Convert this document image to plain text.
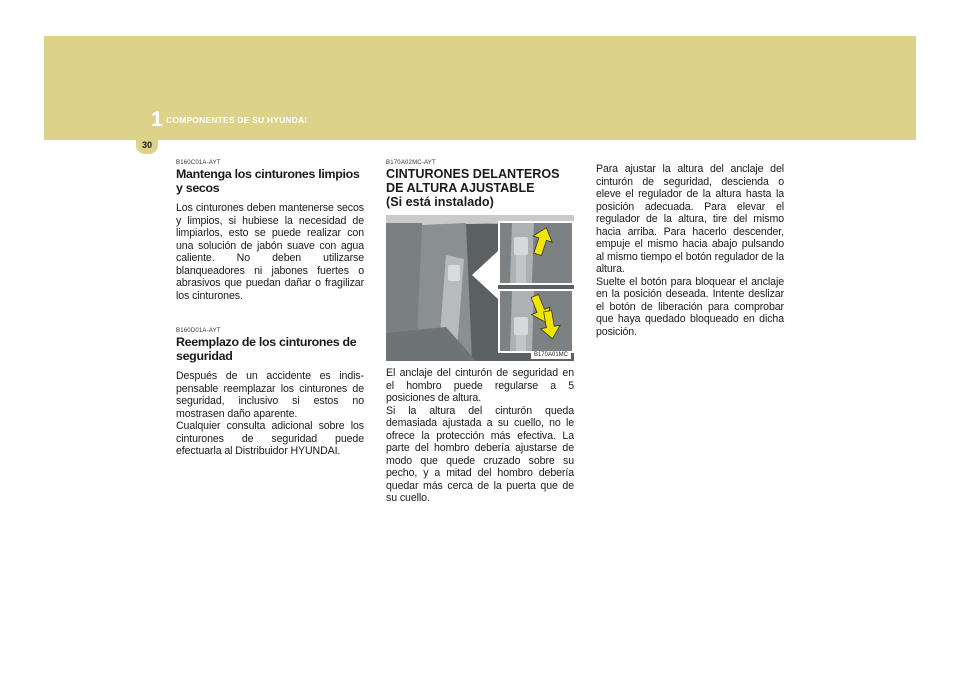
1 COMPONENTES DE SU HYUNDAI
30

B160C01A-AYT

Mantenga los cinturones limpios y secos

Los cinturones deben mantenerse secos y limpios, si hubiese la necesidad de limpiarlos, esto se puede realizar con una solución de jabón suave con agua caliente. No deben utilizarse blanqueadores ni jabones fuertes o abrasivos que puedan dañar o fragilizar los cinturones.

B160D01A-AYT

Reemplazo de los cinturones de seguridad

Después de un accidente es indis-pensable reemplazar los cinturones de seguridad, inclusivo si estos no mostrasen daño aparente.

Cualquier consulta adicional sobre los cinturones de seguridad puede efectuarla al Distribuidor HYUNDAI.

B170A02MC-AYT

CINTURONES DELANTEROS
DE ALTURA AJUSTABLE
(Si está instalado)
B170A01MC

El anclaje del cinturón de seguridad en el hombro puede regularse a 5 posiciones de altura.

Si la altura del cinturón queda demasiada ajustada a su cuello, no le ofrece la protección más efectiva. La parte del hombro debería ajustarse de modo que quede cruzado sobre su pecho, y a mitad del hombro debería quedar más cerca de la puerta que de su cuello.

Para ajustar la altura del anclaje del cinturón de seguridad, descienda o eleve el regulador de la altura hasta la posición adecuada. Para elevar el regulador de la altura, tire del mismo hacia arriba. Para hacerlo descender, empuje el mismo hacia abajo pulsando al mismo tiempo el botón regulador de la altura.

Suelte el botón para bloquear el anclaje en la posición deseada. Intente deslizar el botón de liberación para comprobar que haya quedado bloqueado en dicha posición.
